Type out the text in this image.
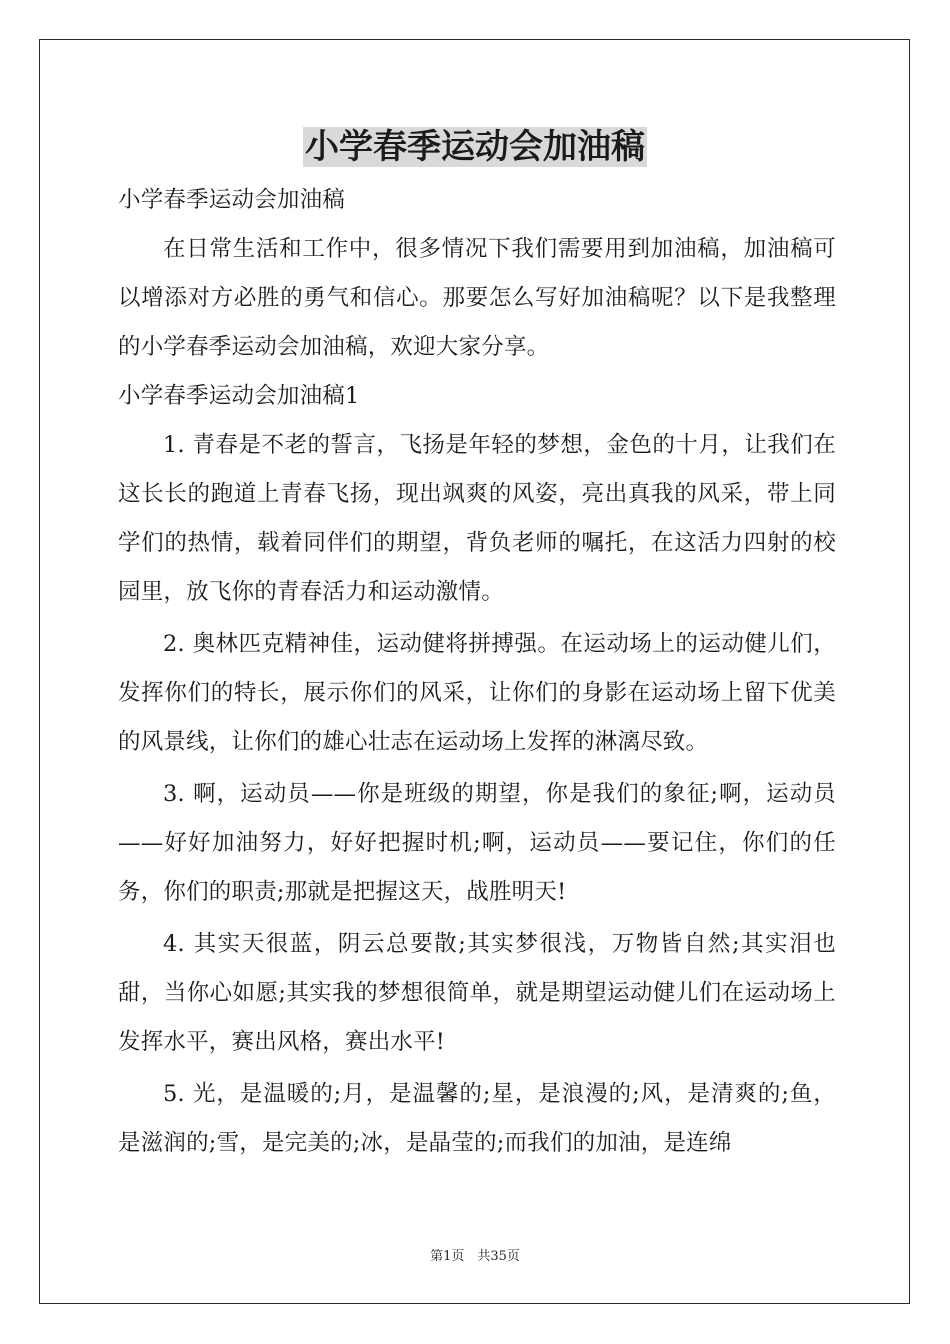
小学春季运动会加油稿
小学春季运动会加油稿

在日常生活和工作中，很多情况下我们需要用到加油稿，加油稿可以增添对方必胜的勇气和信心。那要怎么写好加油稿呢？以下是我整理的小学春季运动会加油稿，欢迎大家分享。

小学春季运动会加油稿1

1. 青春是不老的誓言，飞扬是年轻的梦想，金色的十月，让我们在这长长的跑道上青春飞扬，现出飒爽的风姿，亮出真我的风采，带上同学们的热情，载着同伴们的期望，背负老师的嘱托，在这活力四射的校园里，放飞你的青春活力和运动激情。

2. 奥林匹克精神佳，运动健将拼搏强。在运动场上的运动健儿们，发挥你们的特长，展示你们的风采，让你们的身影在运动场上留下优美的风景线，让你们的雄心壮志在运动场上发挥的淋漓尽致。

3. 啊，运动员——你是班级的期望，你是我们的象征;啊，运动员——好好加油努力，好好把握时机;啊，运动员——要记住，你们的任务，你们的职责;那就是把握这天，战胜明天!

4. 其实天很蓝，阴云总要散;其实梦很浅，万物皆自然;其实泪也甜，当你心如愿;其实我的梦想很简单，就是期望运动健儿们在运动场上发挥水平，赛出风格，赛出水平!

5. 光，是温暖的;月，是温馨的;星，是浪漫的;风，是清爽的;鱼，是滋润的;雪，是完美的;冰，是晶莹的;而我们的加油，是连绵

第1页　共35页
